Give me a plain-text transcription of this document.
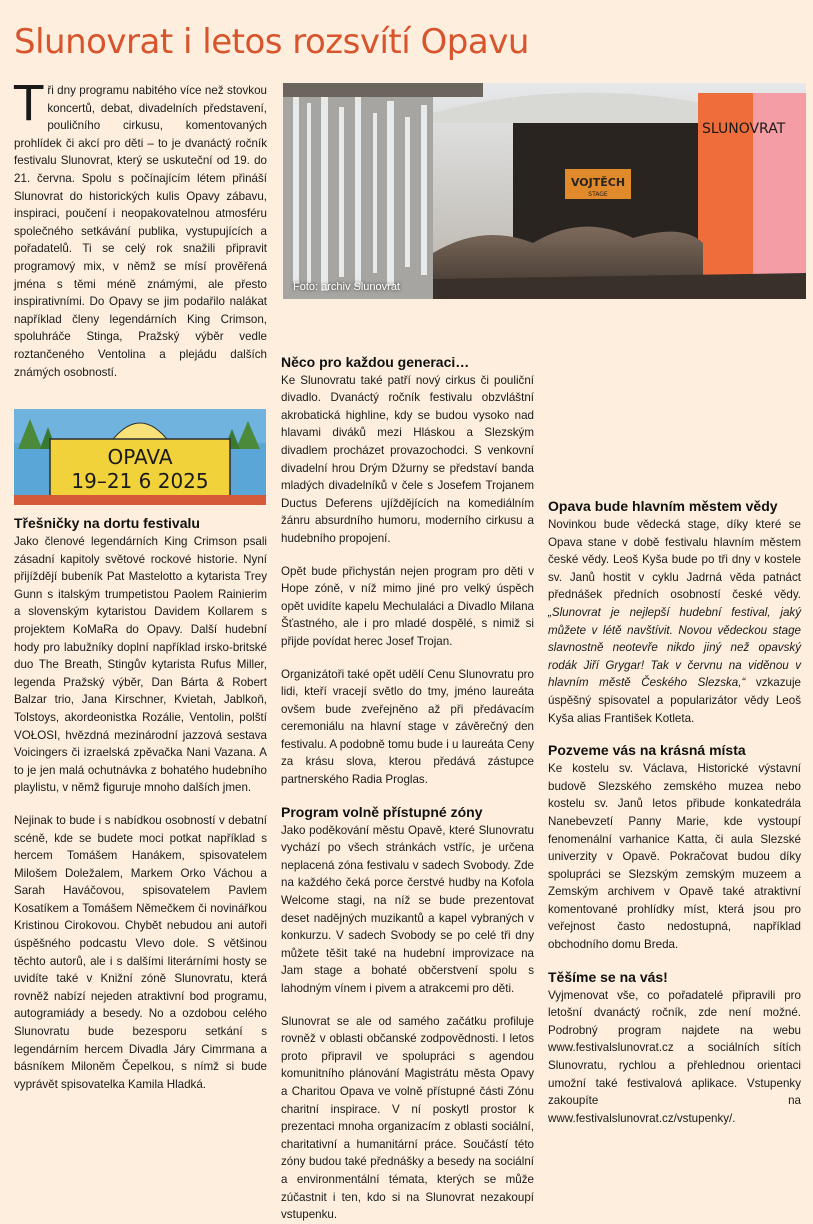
Slunovrat i letos rozsvítí Opavu

Tři dny programu nabitého více než stovkou koncertů, debat, divadelních představení, pouličního cirkusu, komentovaných prohlídek či akcí pro děti – to je dvanáctý ročník festivalu Slunovrat, který se uskuteční od 19. do 21. června. Spolu s počínajícím létem přináší Slunovrat do historických kulis Opavy zábavu, inspiraci, poučení i neopakovatelnou atmosféru společného setkávání publika, vystupujících a pořadatelů. Ti se celý rok snažili připravit programový mix, v němž se mísí prověřená jména s těmi méně známými, ale přesto inspirativními. Do Opavy se jim podařilo nalákat například členy legendárních King Crimson, spoluhráče Stinga, Pražský výběr vedle roztančeného Ventolina a plejádu dalších známých osobností.

OPAVA
19–21 6 2025
Třešničky na dortu festivalu

Jako členové legendárních King Crimson psali zásadní kapitoly světové rockové historie. Nyní přijíždějí bubeník Pat Mastelotto a kytarista Trey Gunn s italským trumpetistou Paolem Rainierim a slovenským kytaristou Davidem Kollarem s projektem KoMaRa do Opavy. Další hudební hody pro labužníky doplní například irsko-britské duo The Breath, Stingův kytarista Rufus Miller, legenda Pražský výběr, Dan Bárta & Robert Balzar trio, Jana Kirschner, Kvietah, Jablkoň, Tolstoys, akordeonistka Rozálie, Ventolin, polští VOŁOSI, hvězdná mezinárodní jazzová sestava Voicingers či izraelská zpěvačka Nani Vazana. A to je jen malá ochutnávka z bohatého hudebního playlistu, v němž figuruje mnoho dalších jmen.

Nejinak to bude i s nabídkou osobností v debatní scéně, kde se budete moci potkat například s hercem Tomášem Hanákem, spisovatelem Milošem Doležalem, Markem Orko Váchou a Sarah Haváčovou, spisovatelem Pavlem Kosatíkem a Tomášem Němečkem či novinářkou Kristinou Cirokovou. Chybět nebudou ani autoři úspěšného podcastu Vlevo dole. S většinou těchto autorů, ale i s dalšími literárními hosty se uvidíte také v Knižní zóně Slunovratu, která rovněž nabízí nejeden atraktivní bod programu, autogramiády a besedy. No a ozdobou celého Slunovratu bude bezesporu setkání s legendárním hercem Divadla Járy Cimrmana a básníkem Miloněm Čepelkou, s nímž si bude vyprávět spisovatelka Kamila Hladká.

VOJTĚCH
STAGE
SLUNOVRAT
Foto: archiv Slunovrat

Něco pro každou generaci…

Ke Slunovratu také patří nový cirkus či pouliční divadlo. Dvanáctý ročník festivalu obzvláštní akrobatická highline, kdy se budou vysoko nad hlavami diváků mezi Hláskou a Slezským divadlem procházet provazochodci. S venkovní divadelní hrou Drým Džurny se představí banda mladých divadelníků v čele s Josefem Trojanem Ductus Deferens ujíždějících na komediálním žánru absurdního humoru, moderního cirkusu a hudebního propojení.

Opět bude přichystán nejen program pro děti v Hope zóně, v níž mimo jiné pro velký úspěch opět uvidíte kapelu Mechulaláci a Divadlo Milana Šťastného, ale i pro mladé dospělé, s nimiž si přijde povídat herec Josef Trojan.

Organizátoři také opět udělí Cenu Slunovratu pro lidi, kteří vracejí světlo do tmy, jméno laureáta ovšem bude zveřejněno až při předávacím ceremoniálu na hlavní stage v závěrečný den festivalu. A podobně tomu bude i u laureáta Ceny za krásu slova, kterou předává zástupce partnerského Radia Proglas.

Program volně přístupné zóny

Jako poděkování městu Opavě, které Slunovratu vychází po všech stránkách vstříc, je určena neplacená zóna festivalu v sadech Svobody. Zde na každého čeká porce čerstvé hudby na Kofola Welcome stagi, na níž se bude prezentovat deset nadějných muzikantů a kapel vybraných v konkurzu. V sadech Svobody se po celé tři dny můžete těšit také na hudební improvizace na Jam stage a bohaté občerstvení spolu s lahodným vínem i pivem a atrakcemi pro děti.

Slunovrat se ale od samého začátku profiluje rovněž v oblasti občanské zodpovědnosti. I letos proto připravil ve spolupráci s agendou komunitního plánování Magistrátu města Opavy a Charitou Opava ve volně přístupné části Zónu charitní inspirace. V ní poskytl prostor k prezentaci mnoha organizacím z oblasti sociální, charitativní a humanitární práce. Součástí této zóny budou také přednášky a besedy na sociální a environmentální témata, kterých se může zúčastnit i ten, kdo si na Slunovrat nezakoupí vstupenku.

Opava bude hlavním městem vědy

Novinkou bude vědecká stage, díky které se Opava stane v době festivalu hlavním městem české vědy. Leoš Kyša bude po tři dny v kostele sv. Janů hostit v cyklu Jadrná věda patnáct přednášek předních osobností české vědy. „Slunovrat je nejlepší hudební festival, jaký můžete v létě navštívit. Novou vědeckou stage slavnostně neotevře nikdo jiný než opavský rodák Jiří Grygar! Tak v červnu na viděnou v hlavním městě Českého Slezska,“ vzkazuje úspěšný spisovatel a popularizátor vědy Leoš Kyša alias František Kotleta.

Pozveme vás na krásná místa

Ke kostelu sv. Václava, Historické výstavní budově Slezského zemského muzea nebo kostelu sv. Janů letos přibude konkatedrála Nanebevzetí Panny Marie, kde vystoupí fenomenální varhanice Katta, či aula Slezské univerzity v Opavě. Pokračovat budou díky spolupráci se Slezským zemským muzeem a Zemským archivem v Opavě také atraktivní komentované prohlídky míst, která jsou pro veřejnost často nedostupná, například obchodního domu Breda.

Těšíme se na vás!

Vyjmenovat vše, co pořadatelé připravili pro letošní dvanáctý ročník, zde není možné. Podrobný program najdete na webu www.festivalslunovrat.cz a sociálních sítích Slunovratu, rychlou a přehlednou orientaci umožní také festivalová aplikace. Vstupenky zakoupíte na www.festivalslunovrat.cz/vstupenky/.
